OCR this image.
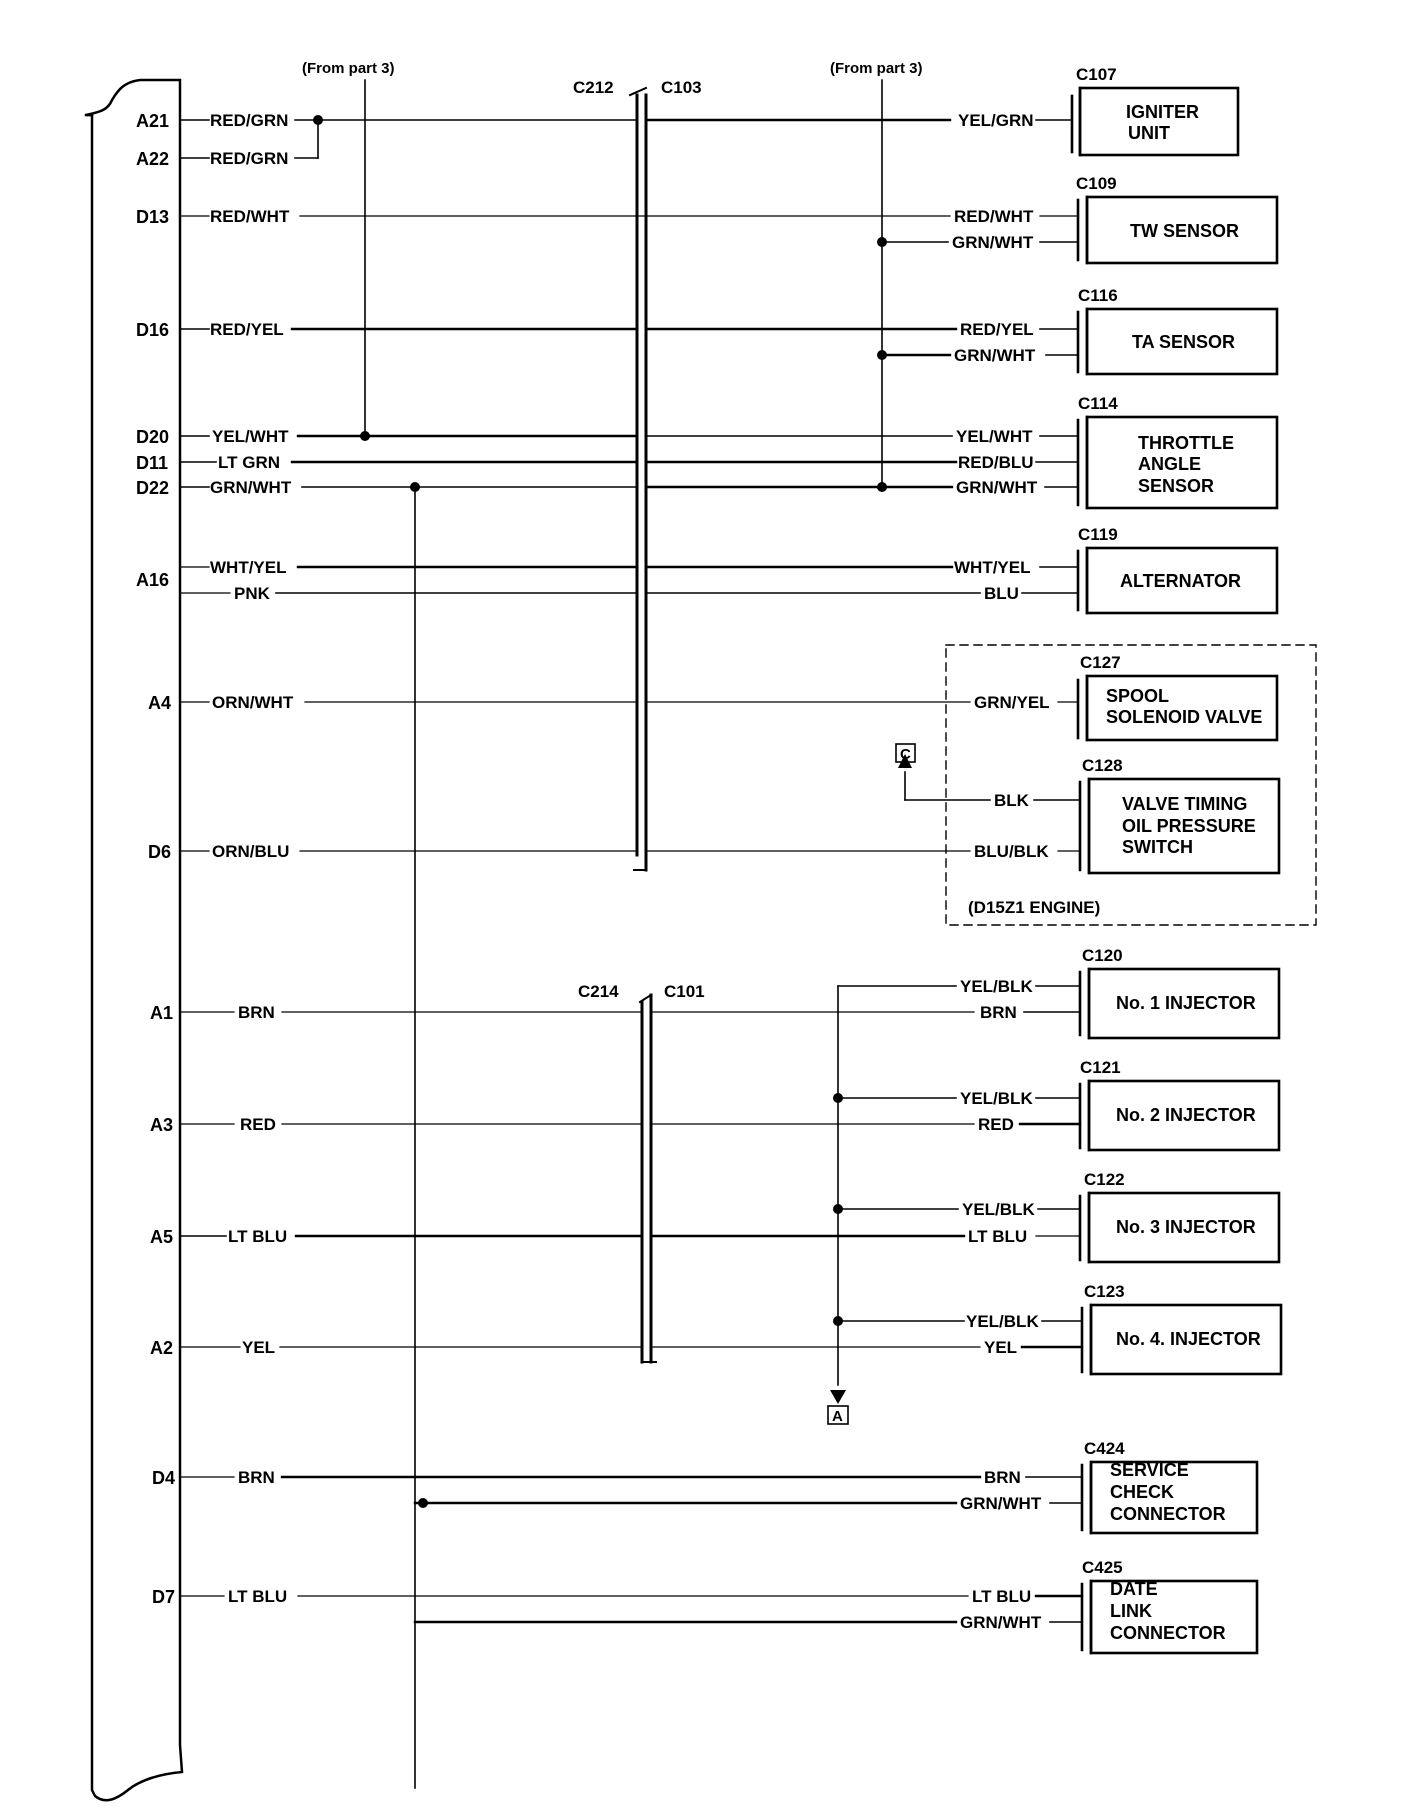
(From part 3)	(From part 3)
C212	C103
C214	C101
A21 RED/GRN
A22 RED/GRN
D13 RED/WHT
D16 RED/YEL
D20	YEL/WHT
D11	LT GRN
D22 GRN/WHT
A16
WHT/YEL
PNK
A4 ORN/WHT
D6 ORN/BLU
A1	BRN
A3	RED
A5	LT BLU
A2	YEL
D4	BRN
D7	LT BLU
C107
C109
C116
C114
C119
C127
C128
C120
C121
C122
C123
C424
C425
IGNITER
UNIT
TW SENSOR
TA SENSOR
THROTTLE
ANGLE
SENSOR
ALTERNATOR
SPOOL
SOLENOID VALVE
VALVE TIMING
OIL PRESSURE
SWITCH
No. 1 INJECTOR
No. 2 INJECTOR
No. 3 INJECTOR
No. 4. INJECTOR
SERVICE
CHECK
CONNECTOR
DATE
LINK
CONNECTOR
YEL/GRN
RED/WHT
GRN/WHT
RED/YEL
GRN/WHT
YEL/WHT
RED/BLU
GRN/WHT
WHT/YEL
BLU
GRN/YEL
BLK
BLU/BLK
YEL/BLK
BRN
YEL/BLK
RED
YEL/BLK
LT BLU
YEL/BLK
YEL
BRN
GRN/WHT
LT BLU
GRN/WHT
(D15Z1 ENGINE)
C
A
